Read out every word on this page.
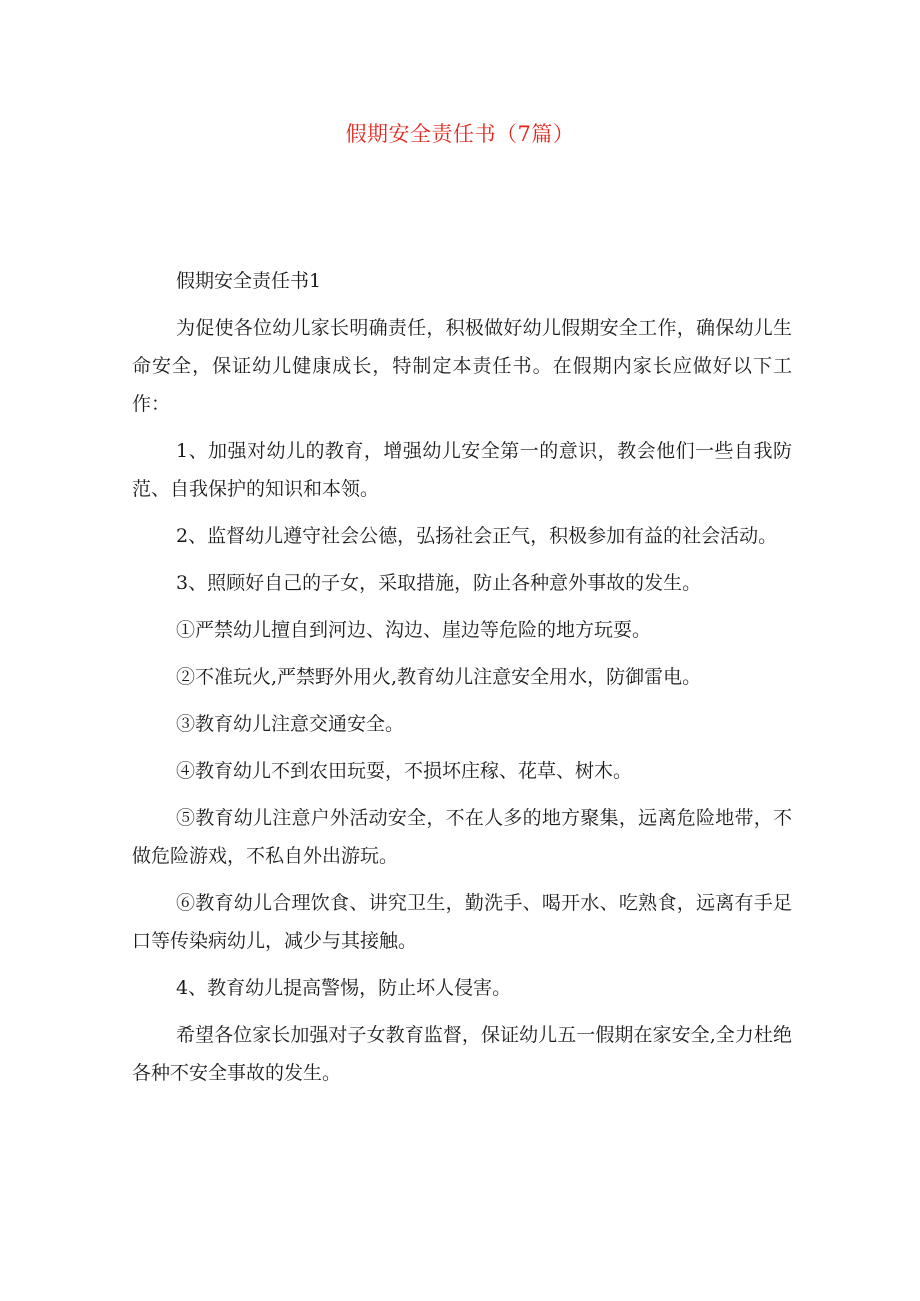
假期安全责任书（7篇）

假期安全责任书1

为促使各位幼儿家长明确责任，积极做好幼儿假期安全工作，确保幼儿生命安全，保证幼儿健康成长，特制定本责任书。在假期内家长应做好以下工作：

1、加强对幼儿的教育，增强幼儿安全第一的意识，教会他们一些自我防范、自我保护的知识和本领。

2、监督幼儿遵守社会公德，弘扬社会正气，积极参加有益的社会活动。

3、照顾好自己的子女，采取措施，防止各种意外事故的发生。

①严禁幼儿擅自到河边、沟边、崖边等危险的地方玩耍。

②不准玩火,严禁野外用火,教育幼儿注意安全用水，防御雷电。

③教育幼儿注意交通安全。

④教育幼儿不到农田玩耍，不损坏庄稼、花草、树木。

⑤教育幼儿注意户外活动安全，不在人多的地方聚集，远离危险地带，不做危险游戏，不私自外出游玩。

⑥教育幼儿合理饮食、讲究卫生，勤洗手、喝开水、吃熟食，远离有手足口等传染病幼儿，减少与其接触。

4、教育幼儿提高警惕，防止坏人侵害。

希望各位家长加强对子女教育监督，保证幼儿五一假期在家安全,全力杜绝各种不安全事故的发生。
